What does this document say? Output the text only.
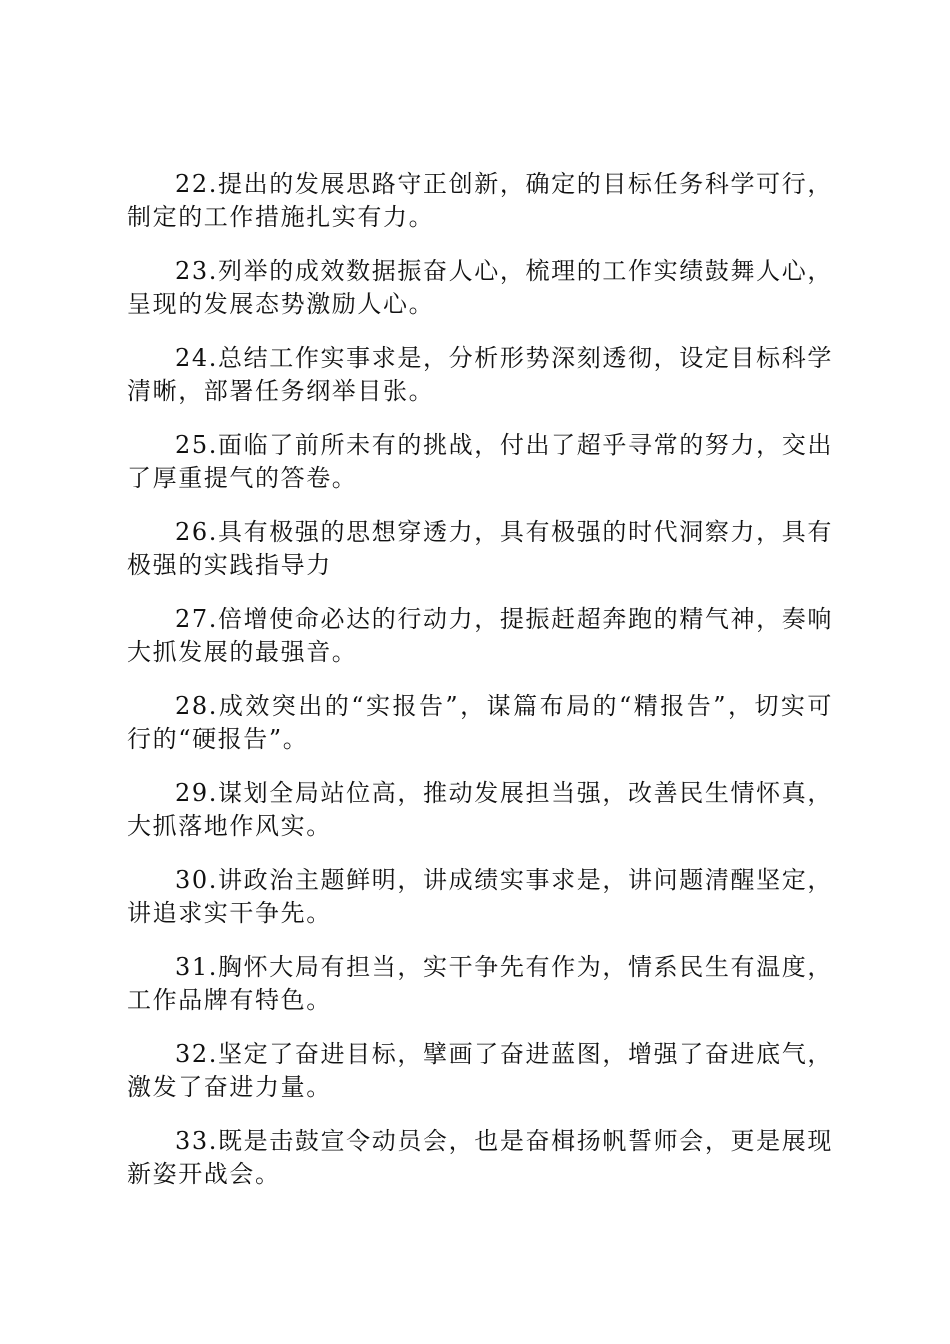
22.提出的发展思路守正创新，确定的目标任务科学可行，制定的工作措施扎实有力。

23.列举的成效数据振奋人心，梳理的工作实绩鼓舞人心，呈现的发展态势激励人心。

24.总结工作实事求是，分析形势深刻透彻，设定目标科学清晰，部署任务纲举目张。

25.面临了前所未有的挑战，付出了超乎寻常的努力，交出了厚重提气的答卷。

26.具有极强的思想穿透力，具有极强的时代洞察力，具有极强的实践指导力

27.倍增使命必达的行动力，提振赶超奔跑的精气神，奏响大抓发展的最强音。

28.成效突出的“实报告”，谋篇布局的“精报告”，切实可行的“硬报告”。

29.谋划全局站位高，推动发展担当强，改善民生情怀真，大抓落地作风实。

30.讲政治主题鲜明，讲成绩实事求是，讲问题清醒坚定，讲追求实干争先。

31.胸怀大局有担当，实干争先有作为，情系民生有温度，工作品牌有特色。

32.坚定了奋进目标，擘画了奋进蓝图，增强了奋进底气，激发了奋进力量。

33.既是击鼓宣令动员会，也是奋楫扬帆誓师会，更是展现新姿开战会。
